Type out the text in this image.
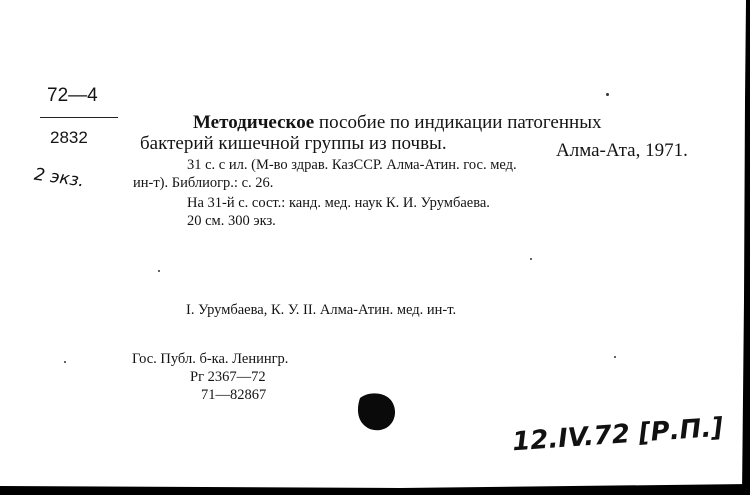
72—4
2832
2 экз.
Методическое пособие по индикации патогенных
бактерий кишечной группы из почвы.	Алма-Ата, 1971.
31 с. с ил. (М-во здрав. КазССР. Алма-Атин. гос. мед.
ин-т). Библиогр.: с. 26.
На 31-й с. сост.: канд. мед. наук К. И. Урумбаева.
20 см. 300 экз.
I. Урумбаева, К. У. II. Алма-Атин. мед. ин-т.
Гос. Публ. б-ка. Ленингр.
Рг 2367—72
71—82867
12.IV.72 [Р.П.]
